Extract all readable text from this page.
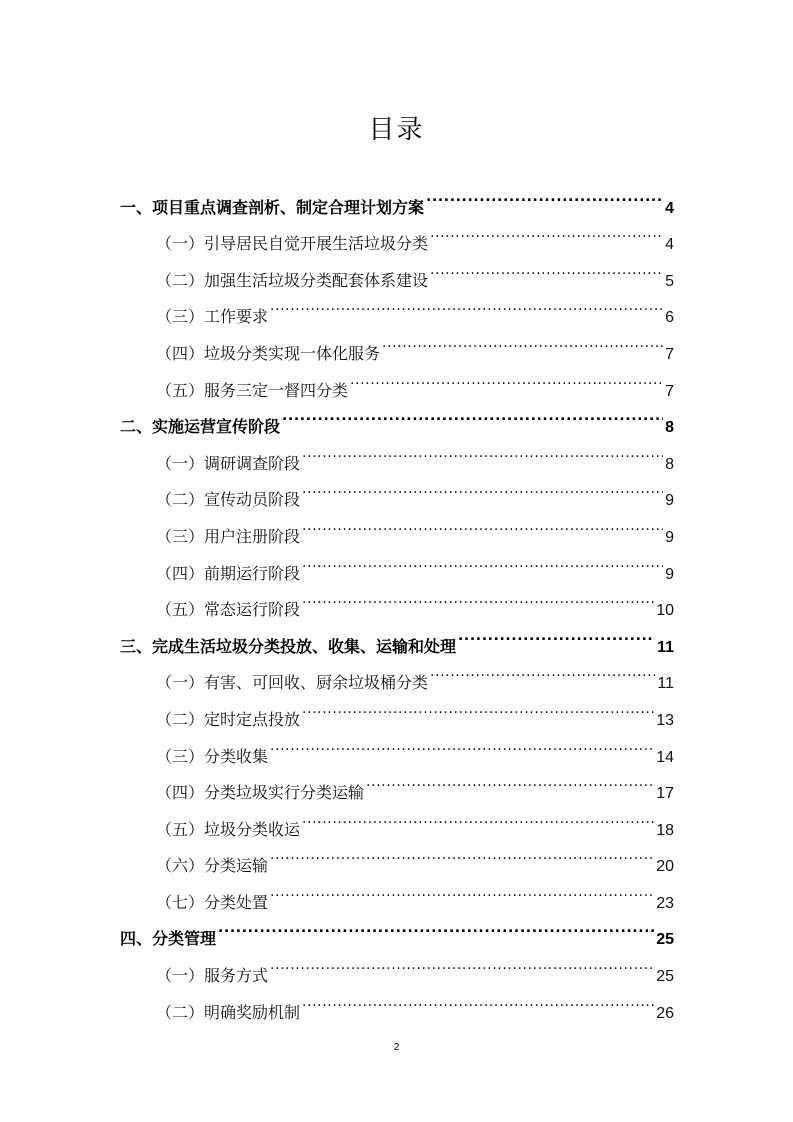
目录
一、项目重点调查剖析、制定合理计划方案 .....	4
（一）引导居民自觉开展生活垃圾分类 .....	4
（二）加强生活垃圾分类配套体系建设 .....	5
（三）工作要求 .....	6
（四）垃圾分类实现一体化服务 .....	7
（五）服务三定一督四分类 .....	7
二、实施运营宣传阶段 .....	8
（一）调研调查阶段 .....	8
（二）宣传动员阶段 .....	9
（三）用户注册阶段 .....	9
（四）前期运行阶段 .....	9
（五）常态运行阶段 .....	10
三、完成生活垃圾分类投放、收集、运输和处理 .....	11
（一）有害、可回收、厨余垃圾桶分类 .....	11
（二）定时定点投放 .....	13
（三）分类收集 .....	14
（四）分类垃圾实行分类运输 .....	17
（五）垃圾分类收运 .....	18
（六）分类运输 .....	20
（七）分类处置 .....	23
四、分类管理 .....	25
（一）服务方式 .....	25
（二）明确奖励机制 .....	26
2
